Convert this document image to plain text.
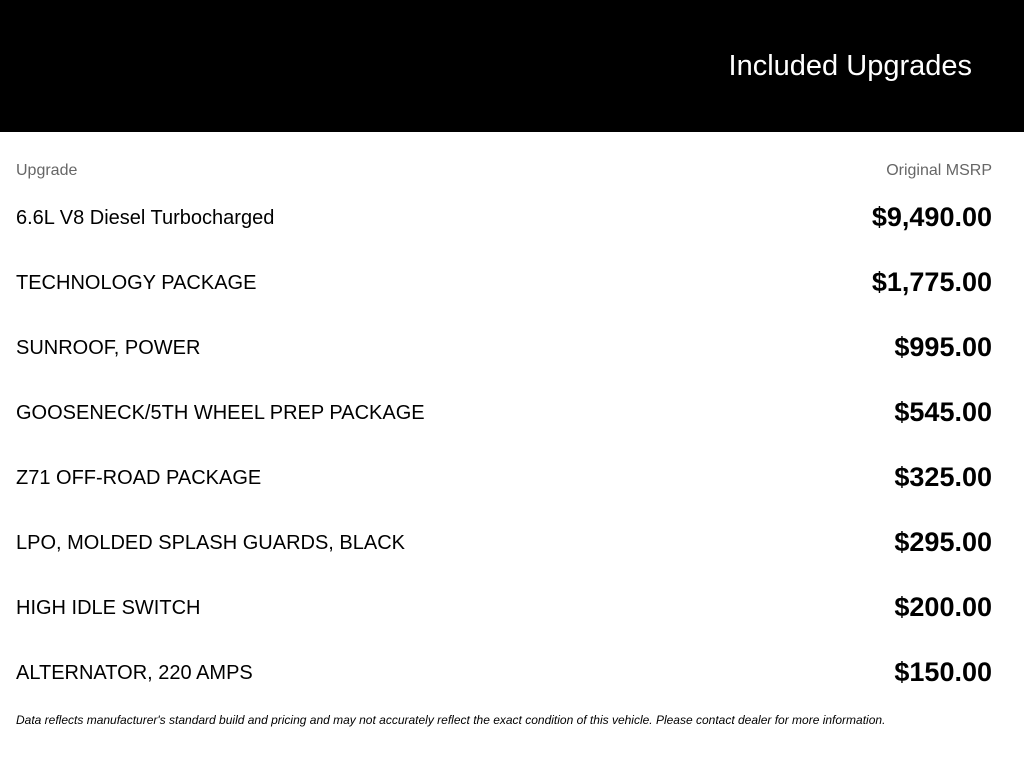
Included Upgrades
Upgrade	Original MSRP
6.6L V8 Diesel Turbocharged	$9,490.00
TECHNOLOGY PACKAGE	$1,775.00
SUNROOF, POWER	$995.00
GOOSENECK/5TH WHEEL PREP PACKAGE	$545.00
Z71 OFF-ROAD PACKAGE	$325.00
LPO, MOLDED SPLASH GUARDS, BLACK	$295.00
HIGH IDLE SWITCH	$200.00
ALTERNATOR, 220 AMPS	$150.00
Data reflects manufacturer's standard build and pricing and may not accurately reflect the exact condition of this vehicle. Please contact dealer for more information.
